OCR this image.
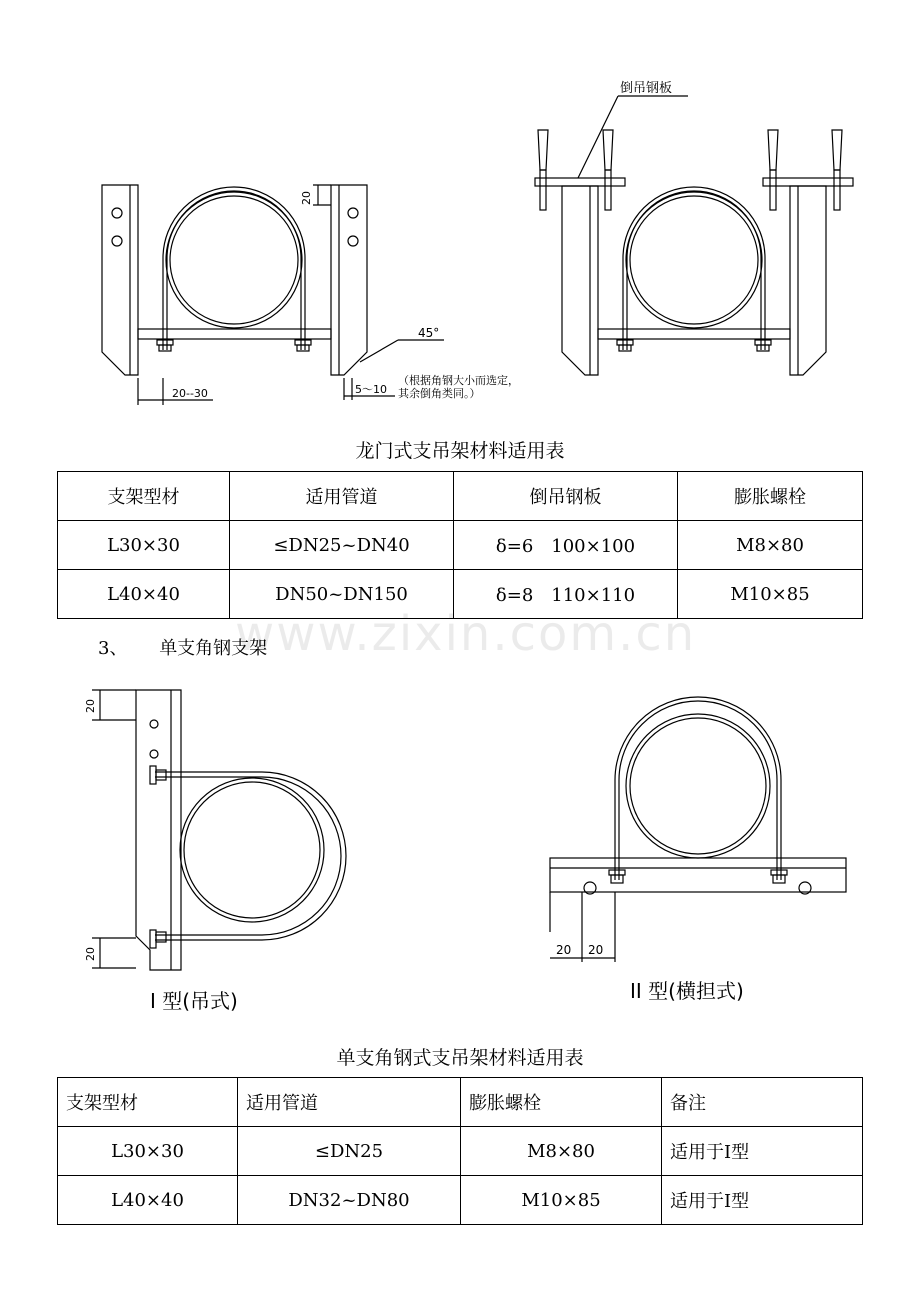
20
20--30	5～10
45°
（根据角钢大小而选定，其余倒角类同。）
倒吊钢板
龙门式支吊架材料适用表
支架型材	适用管道	倒吊钢板	膨胀螺栓
L30×30	≤DN25~DN40	δ=6　100×100	M8×80
L40×40	DN50~DN150	δ=8　110×110	M10×85
www.zixin.com.cn
3、 单支角钢支架
20
20
I 型(吊式)
20 20
II 型(横担式)
单支角钢式支吊架材料适用表
支架型材	适用管道	膨胀螺栓	备注
L30×30	≤DN25	M8×80	适用于Ⅰ型
L40×40	DN32~DN80	M10×85	适用于Ⅰ型
